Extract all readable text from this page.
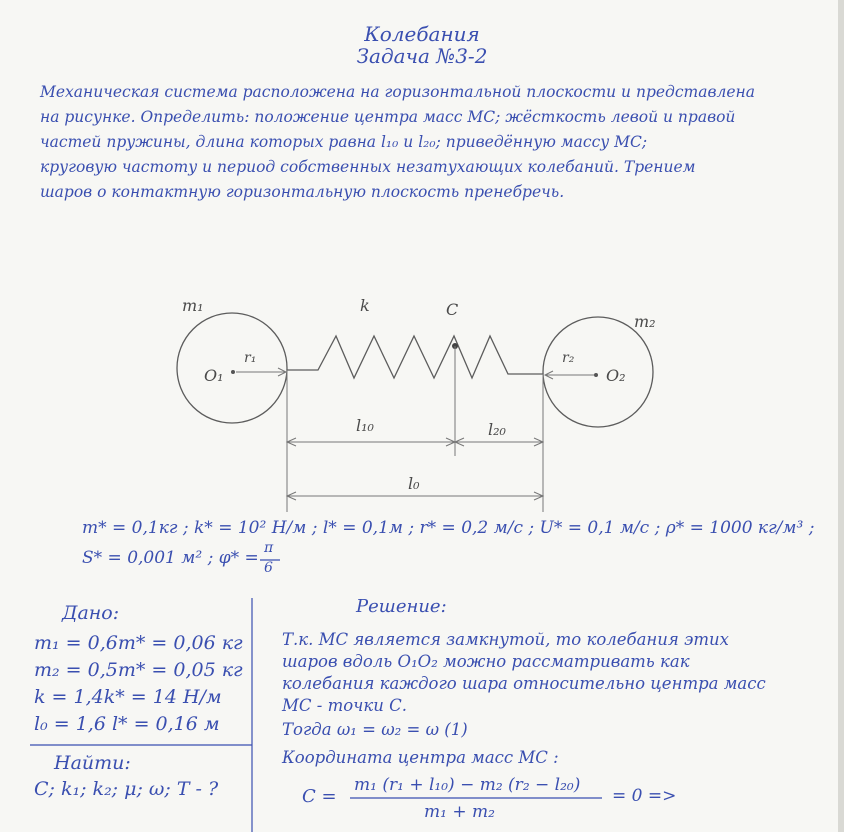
Колебания
Задача №3-2
Механическая система расположена на горизонтальной плоскости и представлена
на рисунке. Определить: положение центра масс МС; жёсткость левой и правой
частей пружины, длина которых равна l₁₀ и l₂₀; приведённую массу МС;
круговую частоту и период собственных незатухающих колебаний. Трением
шаров о контактную горизонтальную плоскость пренебречь.
m₁
m₂
k	C
O₁	O₂
r₁	r₂
l₁₀	l₂₀
l₀
m* = 0,1кг ; k* = 10² Н/м ; l* = 0,1м ; r* = 0,2 м/с ; U* = 0,1 м/с ; ρ* = 1000 кг/м³ ;
S* = 0,001 м² ; φ* = π
6
Дано:
m₁ = 0,6m* = 0,06 кг
m₂ = 0,5m* = 0,05 кг
k = 1,4k* = 14 Н/м
l₀ = 1,6 l* = 0,16 м
Найти:
C; k₁; k₂; μ; ω; T - ?
Решение:
Т.к. МС является замкнутой, то колебания этих
шаров вдоль O₁O₂ можно рассматривать как
колебания каждого шара относительно центра масс
МС - точки С.
Тогда ω₁ = ω₂ = ω (1)
Координата центра масс МС :
C =
m₁ (r₁ + l₁₀) − m₂ (r₂ − l₂₀)
m₁ + m₂
= 0 =>
